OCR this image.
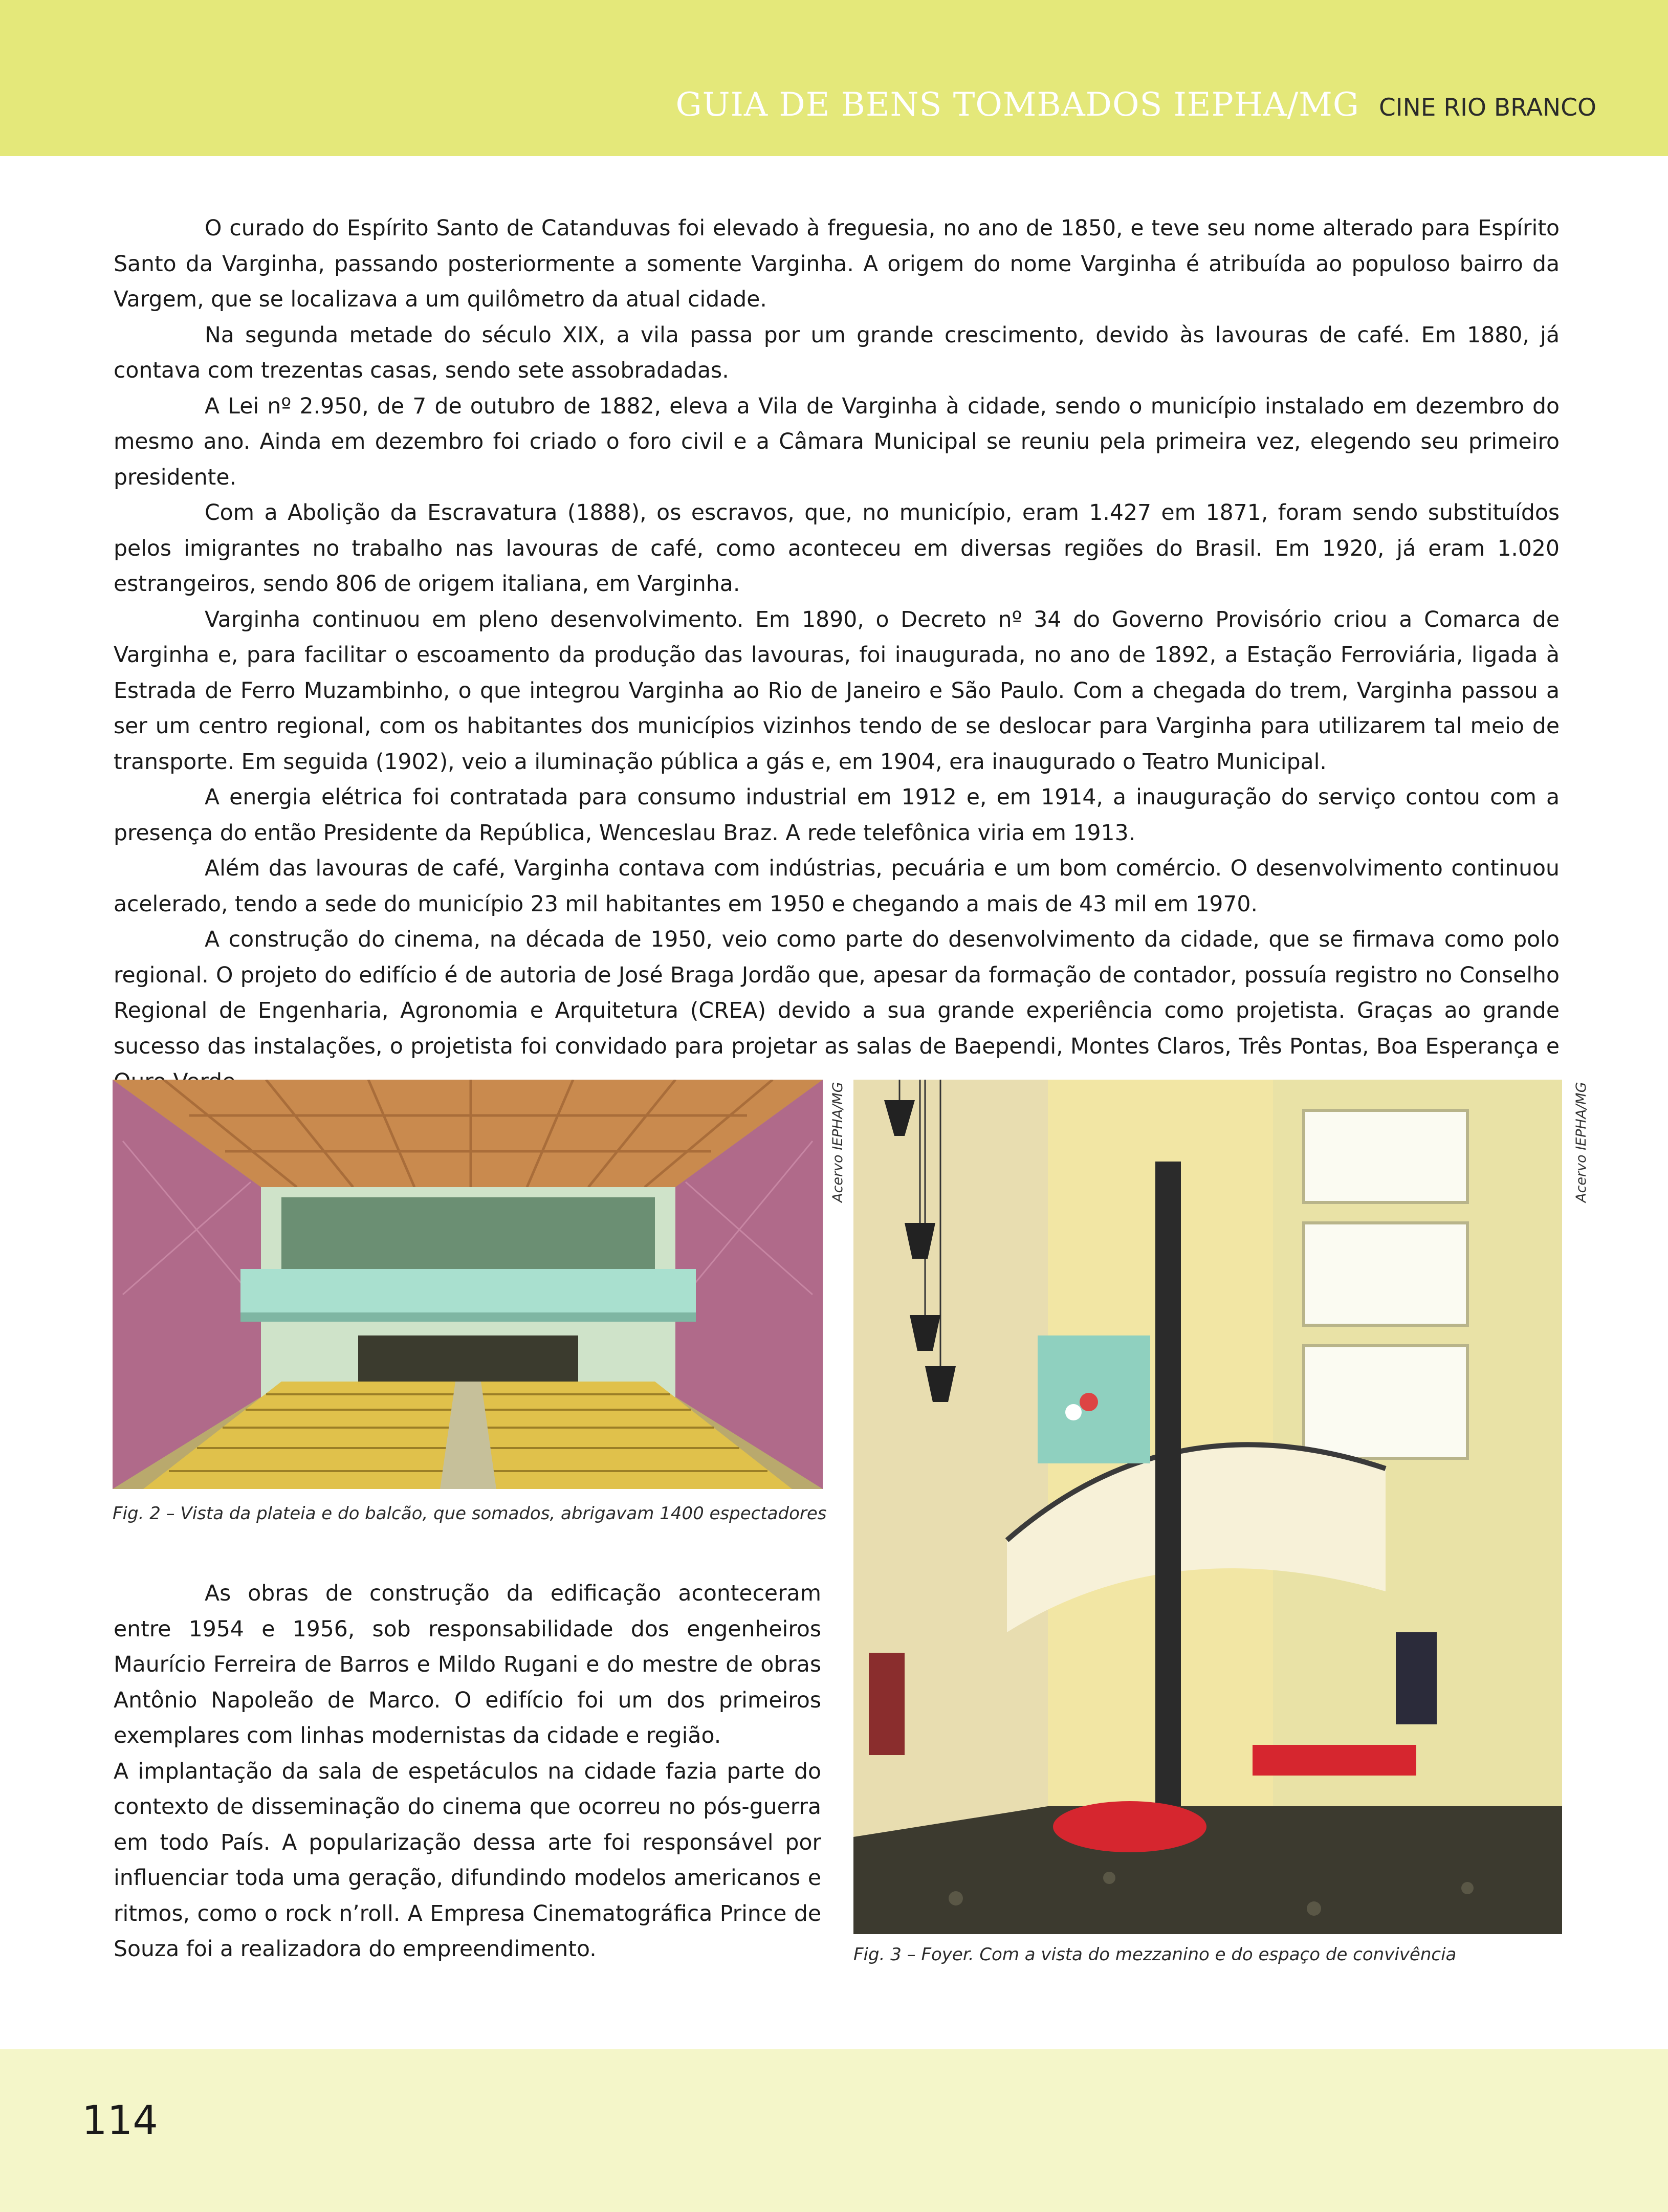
GUIA DE BENS TOMBADOS IEPHA/MG CINE RIO BRANCO

O curado do Espírito Santo de Catanduvas foi elevado à freguesia, no ano de 1850, e teve seu nome alterado para Espírito Santo da Varginha, passando posteriormente a somente Varginha. A origem do nome Varginha é atribuída ao populoso bairro da Vargem, que se localizava a um quilômetro da atual cidade.

Na segunda metade do século XIX, a vila passa por um grande crescimento, devido às lavouras de café. Em 1880, já contava com trezentas casas, sendo sete assobradadas.

A Lei nº 2.950, de 7 de outubro de 1882, eleva a Vila de Varginha à cidade, sendo o município instalado em dezembro do mesmo ano. Ainda em dezembro foi criado o foro civil e a Câmara Municipal se reuniu pela primeira vez, elegendo seu primeiro presidente.

Com a Abolição da Escravatura (1888), os escravos, que, no município, eram 1.427 em 1871, foram sendo substituídos pelos imigrantes no trabalho nas lavouras de café, como aconteceu em diversas regiões do Brasil. Em 1920, já eram 1.020 estrangeiros, sendo 806 de origem italiana, em Varginha.

Varginha continuou em pleno desenvolvimento. Em 1890, o Decreto nº 34 do Governo Provisório criou a Comarca de Varginha e, para facilitar o escoamento da produção das lavouras, foi inaugurada, no ano de 1892, a Estação Ferroviária, ligada à Estrada de Ferro Muzambinho, o que integrou Varginha ao Rio de Janeiro e São Paulo. Com a chegada do trem, Varginha passou a ser um centro regional, com os habitantes dos municípios vizinhos tendo de se deslocar para Varginha para utilizarem tal meio de transporte. Em seguida (1902), veio a iluminação pública a gás e, em 1904, era inaugurado o Teatro Municipal.

A energia elétrica foi contratada para consumo industrial em 1912 e, em 1914, a inauguração do serviço contou com a presença do então Presidente da República, Wenceslau Braz. A rede telefônica viria em 1913.

Além das lavouras de café, Varginha contava com indústrias, pecuária e um bom comércio. O desenvolvimento continuou acelerado, tendo a sede do município 23 mil habitantes em 1950 e chegando a mais de 43 mil em 1970.

A construção do cinema, na década de 1950, veio como parte do desenvolvimento da cidade, que se firmava como polo regional. O projeto do edifício é de autoria de José Braga Jordão que, apesar da formação de contador, possuía registro no Conselho Regional de Engenharia, Agronomia e Arquitetura (CREA) devido a sua grande experiência como projetista. Graças ao grande sucesso das instalações, o projetista foi convidado para projetar as salas de Baependi, Montes Claros, Três Pontas, Boa Esperança e

Acervo IEPHA/MG
Fig. 2 – Vista da plateia e do balcão, que somados, abrigavam 1400 espectadores
Acervo IEPHA/MG
Fig. 3 – Foyer. Com a vista do mezzanino e do espaço de convivência

As obras de construção da edificação aconteceram entre 1954 e 1956, sob responsabilidade dos engenheiros Maurício Ferreira de Barros e Mildo Rugani e do mestre de obras Antônio Napoleão de Marco. O edifício foi um dos primeiros exemplares com linhas modernistas da cidade e região.

A implantação da sala de espetáculos na cidade fazia parte do contexto de disseminação do cinema que ocorreu no pós-guerra em todo País. A popularização dessa arte foi responsável por influenciar toda uma geração, difundindo modelos americanos e ritmos, como o rock n’roll. A Empresa Cinematográfica Prince de Souza foi a realizadora do empreendimento.

114
